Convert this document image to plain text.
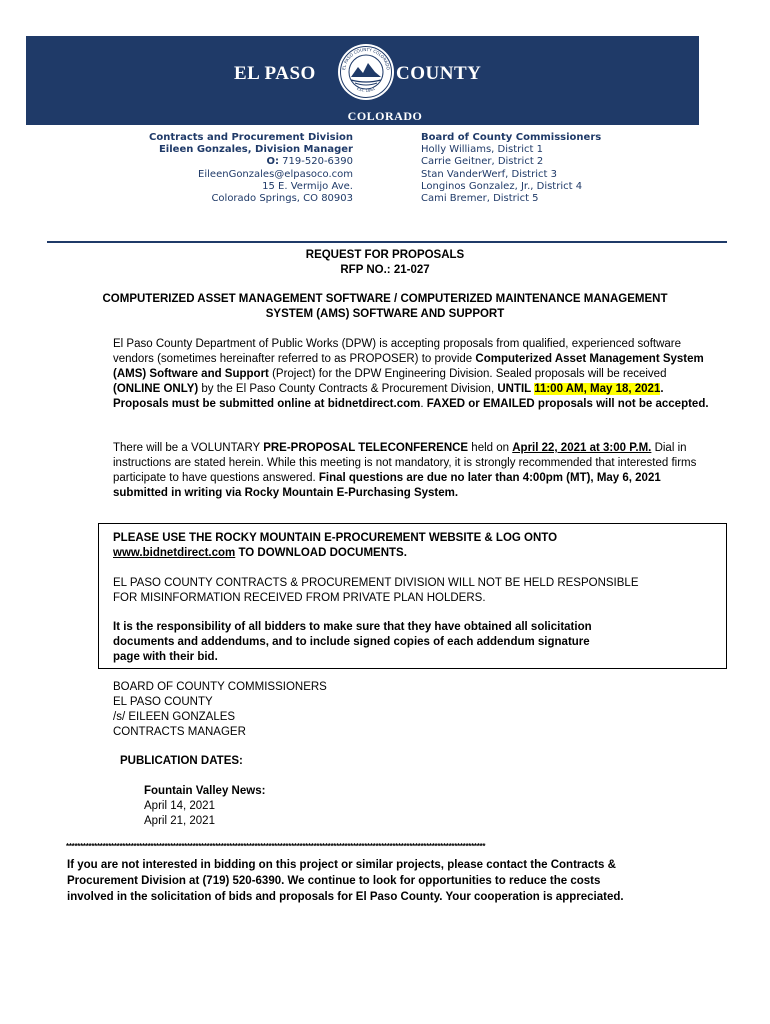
EL PASO	EL PASO COUNTY COLORADO
EST. 1861
COUNTY
COLORADO
Contracts and Procurement Division
Eileen Gonzales, Division Manager
O: 719-520-6390
EileenGonzales@elpasoco.com
15 E. Vermijo Ave.
Colorado Springs, CO 80903
Board of County Commissioners
Holly Williams, District 1
Carrie Geitner, District 2
Stan VanderWerf, District 3
Longinos Gonzalez, Jr., District 4
Cami Bremer, District 5
REQUEST FOR PROPOSALS
RFP NO.: 21-027
COMPUTERIZED ASSET MANAGEMENT SOFTWARE / COMPUTERIZED MAINTENANCE MANAGEMENT
SYSTEM (AMS) SOFTWARE AND SUPPORT
El Paso County Department of Public Works (DPW) is accepting proposals from qualified, experienced software vendors (sometimes hereinafter referred to as PROPOSER) to provide Computerized Asset Management System (AMS) Software and Support (Project) for the DPW Engineering Division. Sealed proposals will be received (ONLINE ONLY) by the El Paso County Contracts & Procurement Division, UNTIL 11:00 AM, May 18, 2021. Proposals must be submitted online at bidnetdirect.com. FAXED or EMAILED proposals will not be accepted.
There will be a VOLUNTARY PRE-PROPOSAL TELECONFERENCE held on April 22, 2021 at 3:00 P.M. Dial in instructions are stated herein. While this meeting is not mandatory, it is strongly recommended that interested firms participate to have questions answered. Final questions are due no later than 4:00pm (MT), May 6, 2021 submitted in writing via Rocky Mountain E-Purchasing System.
PLEASE USE THE ROCKY MOUNTAIN E-PROCUREMENT WEBSITE & LOG ONTO
www.bidnetdirect.com TO DOWNLOAD DOCUMENTS.
EL PASO COUNTY CONTRACTS & PROCUREMENT DIVISION WILL NOT BE HELD RESPONSIBLE
FOR MISINFORMATION RECEIVED FROM PRIVATE PLAN HOLDERS.
It is the responsibility of all bidders to make sure that they have obtained all solicitation
documents and addendums, and to include signed copies of each addendum signature
page with their bid.
BOARD OF COUNTY COMMISSIONERS
EL PASO COUNTY
/s/ EILEEN GONZALES
CONTRACTS MANAGER
PUBLICATION DATES:
Fountain Valley News:
April 14, 2021
April 21, 2021
*****************************************************************************************************************************************************
If you are not interested in bidding on this project or similar projects, please contact the Contracts &
Procurement Division at (719) 520-6390. We continue to look for opportunities to reduce the costs
involved in the solicitation of bids and proposals for El Paso County. Your cooperation is appreciated.
